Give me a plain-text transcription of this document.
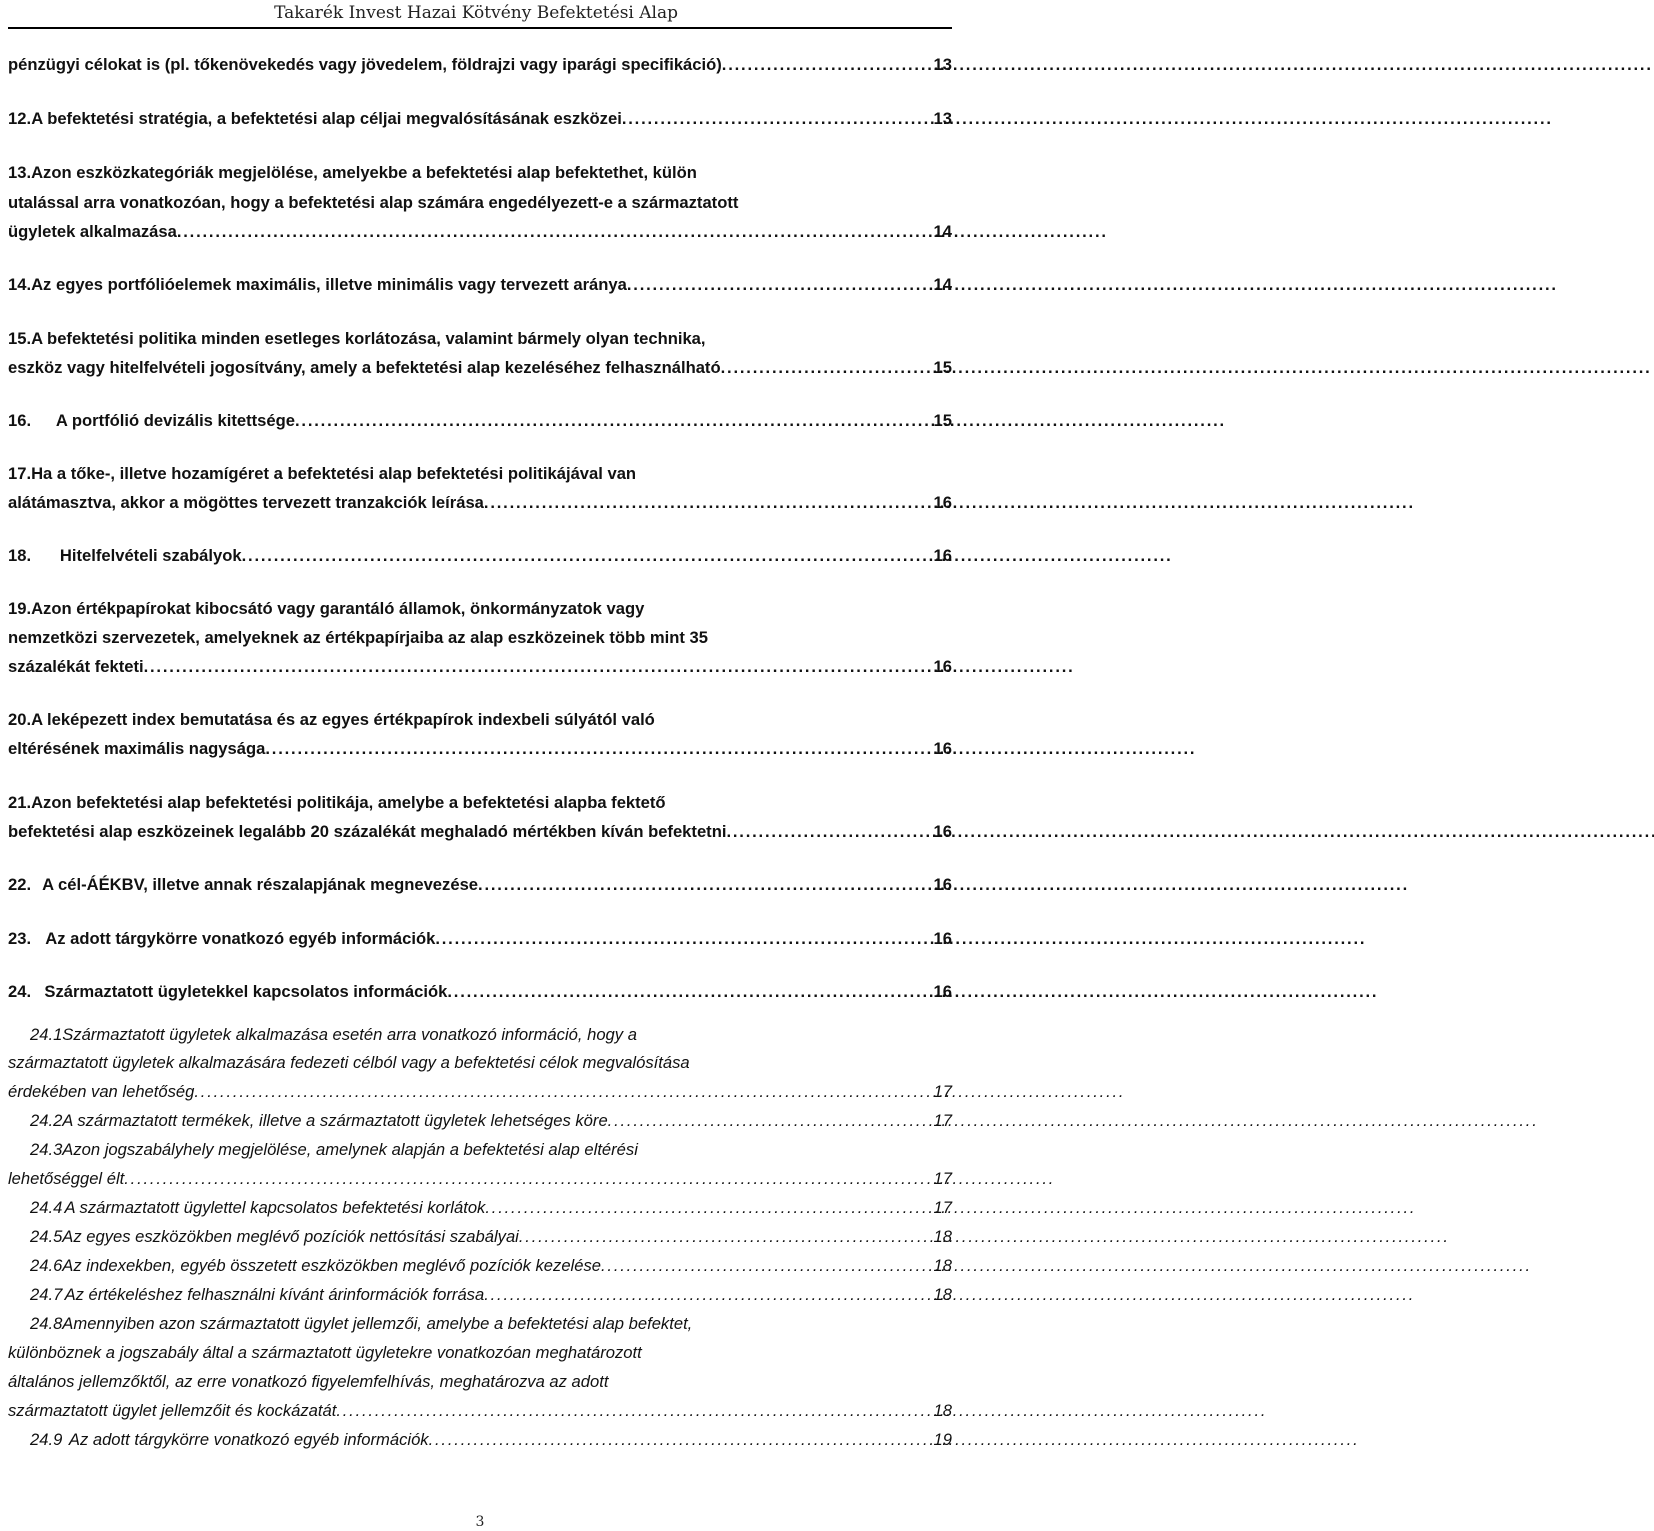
Takarék Invest Hazai Kötvény Befektetési Alap
pénzügyi célokat is (pl. tőkenövekedés vagy jövedelem, földrajzi vagy iparági specifikáció) . . .	13
12. A befektetési stratégia, a befektetési alap céljai megvalósításának eszközei . . .	13
13.Azon eszközkategóriák megjelölése, amelyekbe a befektetési alap befektethet, külön
utalással arra vonatkozóan, hogy a befektetési alap számára engedélyezett-e a származtatott
ügyletek alkalmazása . . .	14
14. Az egyes portfólióelemek maximális, illetve minimális vagy tervezett aránya . . .	14
15.A befektetési politika minden esetleges korlátozása, valamint bármely olyan technika,
eszköz vagy hitelfelvételi jogosítvány, amely a befektetési alap kezeléséhez felhasználható . . .	15
16.	A portfólió devizális kitettsége . . .	15
17.Ha a tőke-, illetve hozamígéret a befektetési alap befektetési politikájával van
alátámasztva, akkor a mögöttes tervezett tranzakciók leírása . . .	16
18.	Hitelfelvételi szabályok . . .	16
19.Azon értékpapírokat kibocsátó vagy garantáló államok, önkormányzatok vagy
nemzetközi szervezetek, amelyeknek az értékpapírjaiba az alap eszközeinek több mint 35
százalékát fekteti . . .	16
20.A leképezett index bemutatása és az egyes értékpapírok indexbeli súlyától való
eltérésének maximális nagysága . . .	16
21.Azon befektetési alap befektetési politikája, amelybe a befektetési alapba fektető
befektetési alap eszközeinek legalább 20 százalékát meghaladó mértékben kíván befektetni . . .	16
22. A cél-ÁÉKBV, illetve annak részalapjának megnevezése . . .	16
23. Az adott tárgykörre vonatkozó egyéb információk . . .	16
24. Származtatott ügyletekkel kapcsolatos információk . . .	16
24.1Származtatott ügyletek alkalmazása esetén arra vonatkozó információ, hogy a
származtatott ügyletek alkalmazására fedezeti célból vagy a befektetési célok megvalósítása
érdekében van lehetőség . . .	17
24.2 A származtatott termékek, illetve a származtatott ügyletek lehetséges köre . . .	17
24.3Azon jogszabályhely megjelölése, amelynek alapján a befektetési alap eltérési
lehetőséggel élt . . .	17
24.4 A származtatott ügylettel kapcsolatos befektetési korlátok . . .	17
24.5 Az egyes eszközökben meglévő pozíciók nettósítási szabályai . . .	18
24.6 Az indexekben, egyéb összetett eszközökben meglévő pozíciók kezelése . . .	18
24.7 Az értékeléshez felhasználni kívánt árinformációk forrása . . .	18
24.8Amennyiben azon származtatott ügylet jellemzői, amelybe a befektetési alap befektet,
különböznek a jogszabály által a származtatott ügyletekre vonatkozóan meghatározott
általános jellemzőktől, az erre vonatkozó figyelemfelhívás, meghatározva az adott
származtatott ügylet jellemzőit és kockázatát . . .	18
24.9 Az adott tárgykörre vonatkozó egyéb információk . . .	19
3
